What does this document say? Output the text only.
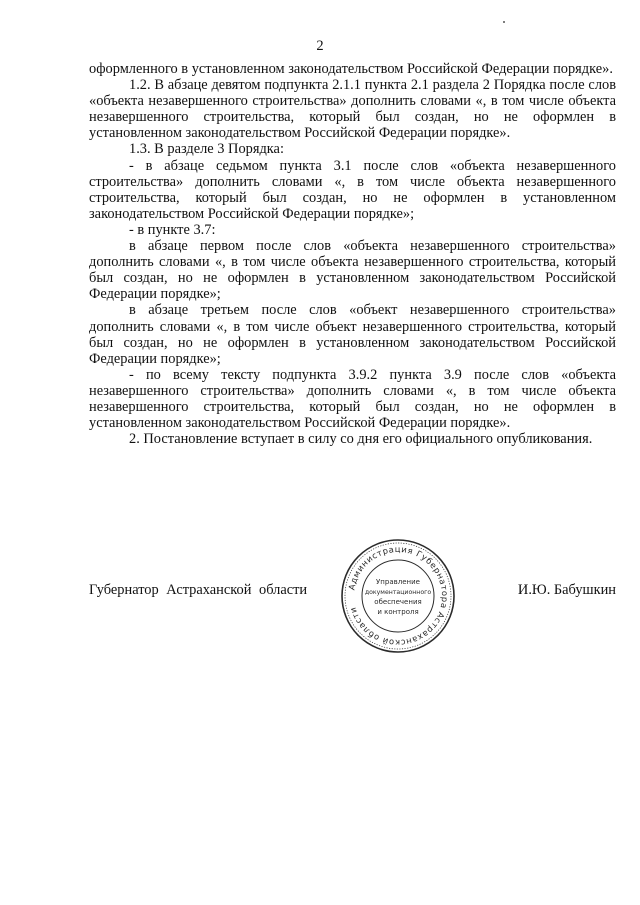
2

оформленного в установленном законодательством Российской Федерации порядке».

1.2. В абзаце девятом подпункта 2.1.1 пункта 2.1 раздела 2 Порядка после слов «объекта незавершенного строительства» дополнить словами «, в том числе объекта незавершенного строительства, который был создан, но не оформлен в установленном законодательством Российской Федерации порядке».

1.3. В разделе 3 Порядка:

- в абзаце седьмом пункта 3.1 после слов «объекта незавершенного строительства» дополнить словами «, в том числе объекта незавершенного строительства, который был создан, но не оформлен в установленном законодательством Российской Федерации порядке»;

- в пункте 3.7:

в абзаце первом после слов «объекта незавершенного строительства» дополнить словами «, в том числе объекта незавершенного строительства, который был создан, но не оформлен в установленном законодательством Российской Федерации порядке»;

в абзаце третьем после слов «объект незавершенного строительства» дополнить словами «, в том числе объект незавершенного строительства, который был создан, но не оформлен в установленном законодательством Российской Федерации порядке»;

- по всему тексту подпункта 3.9.2 пункта 3.9 после слов «объекта незавершенного строительства» дополнить словами «, в том числе объекта незавершенного строительства, который был создан, но не оформлен в установленном законодательством Российской Федерации порядке».

2. Постановление вступает в силу со дня его официального опубликования.

Губернатор Астраханской области	И.Ю. Бабушкин
Администрация Губернатора Астраханской области
Управление
документационного
обеспечения
и контроля
